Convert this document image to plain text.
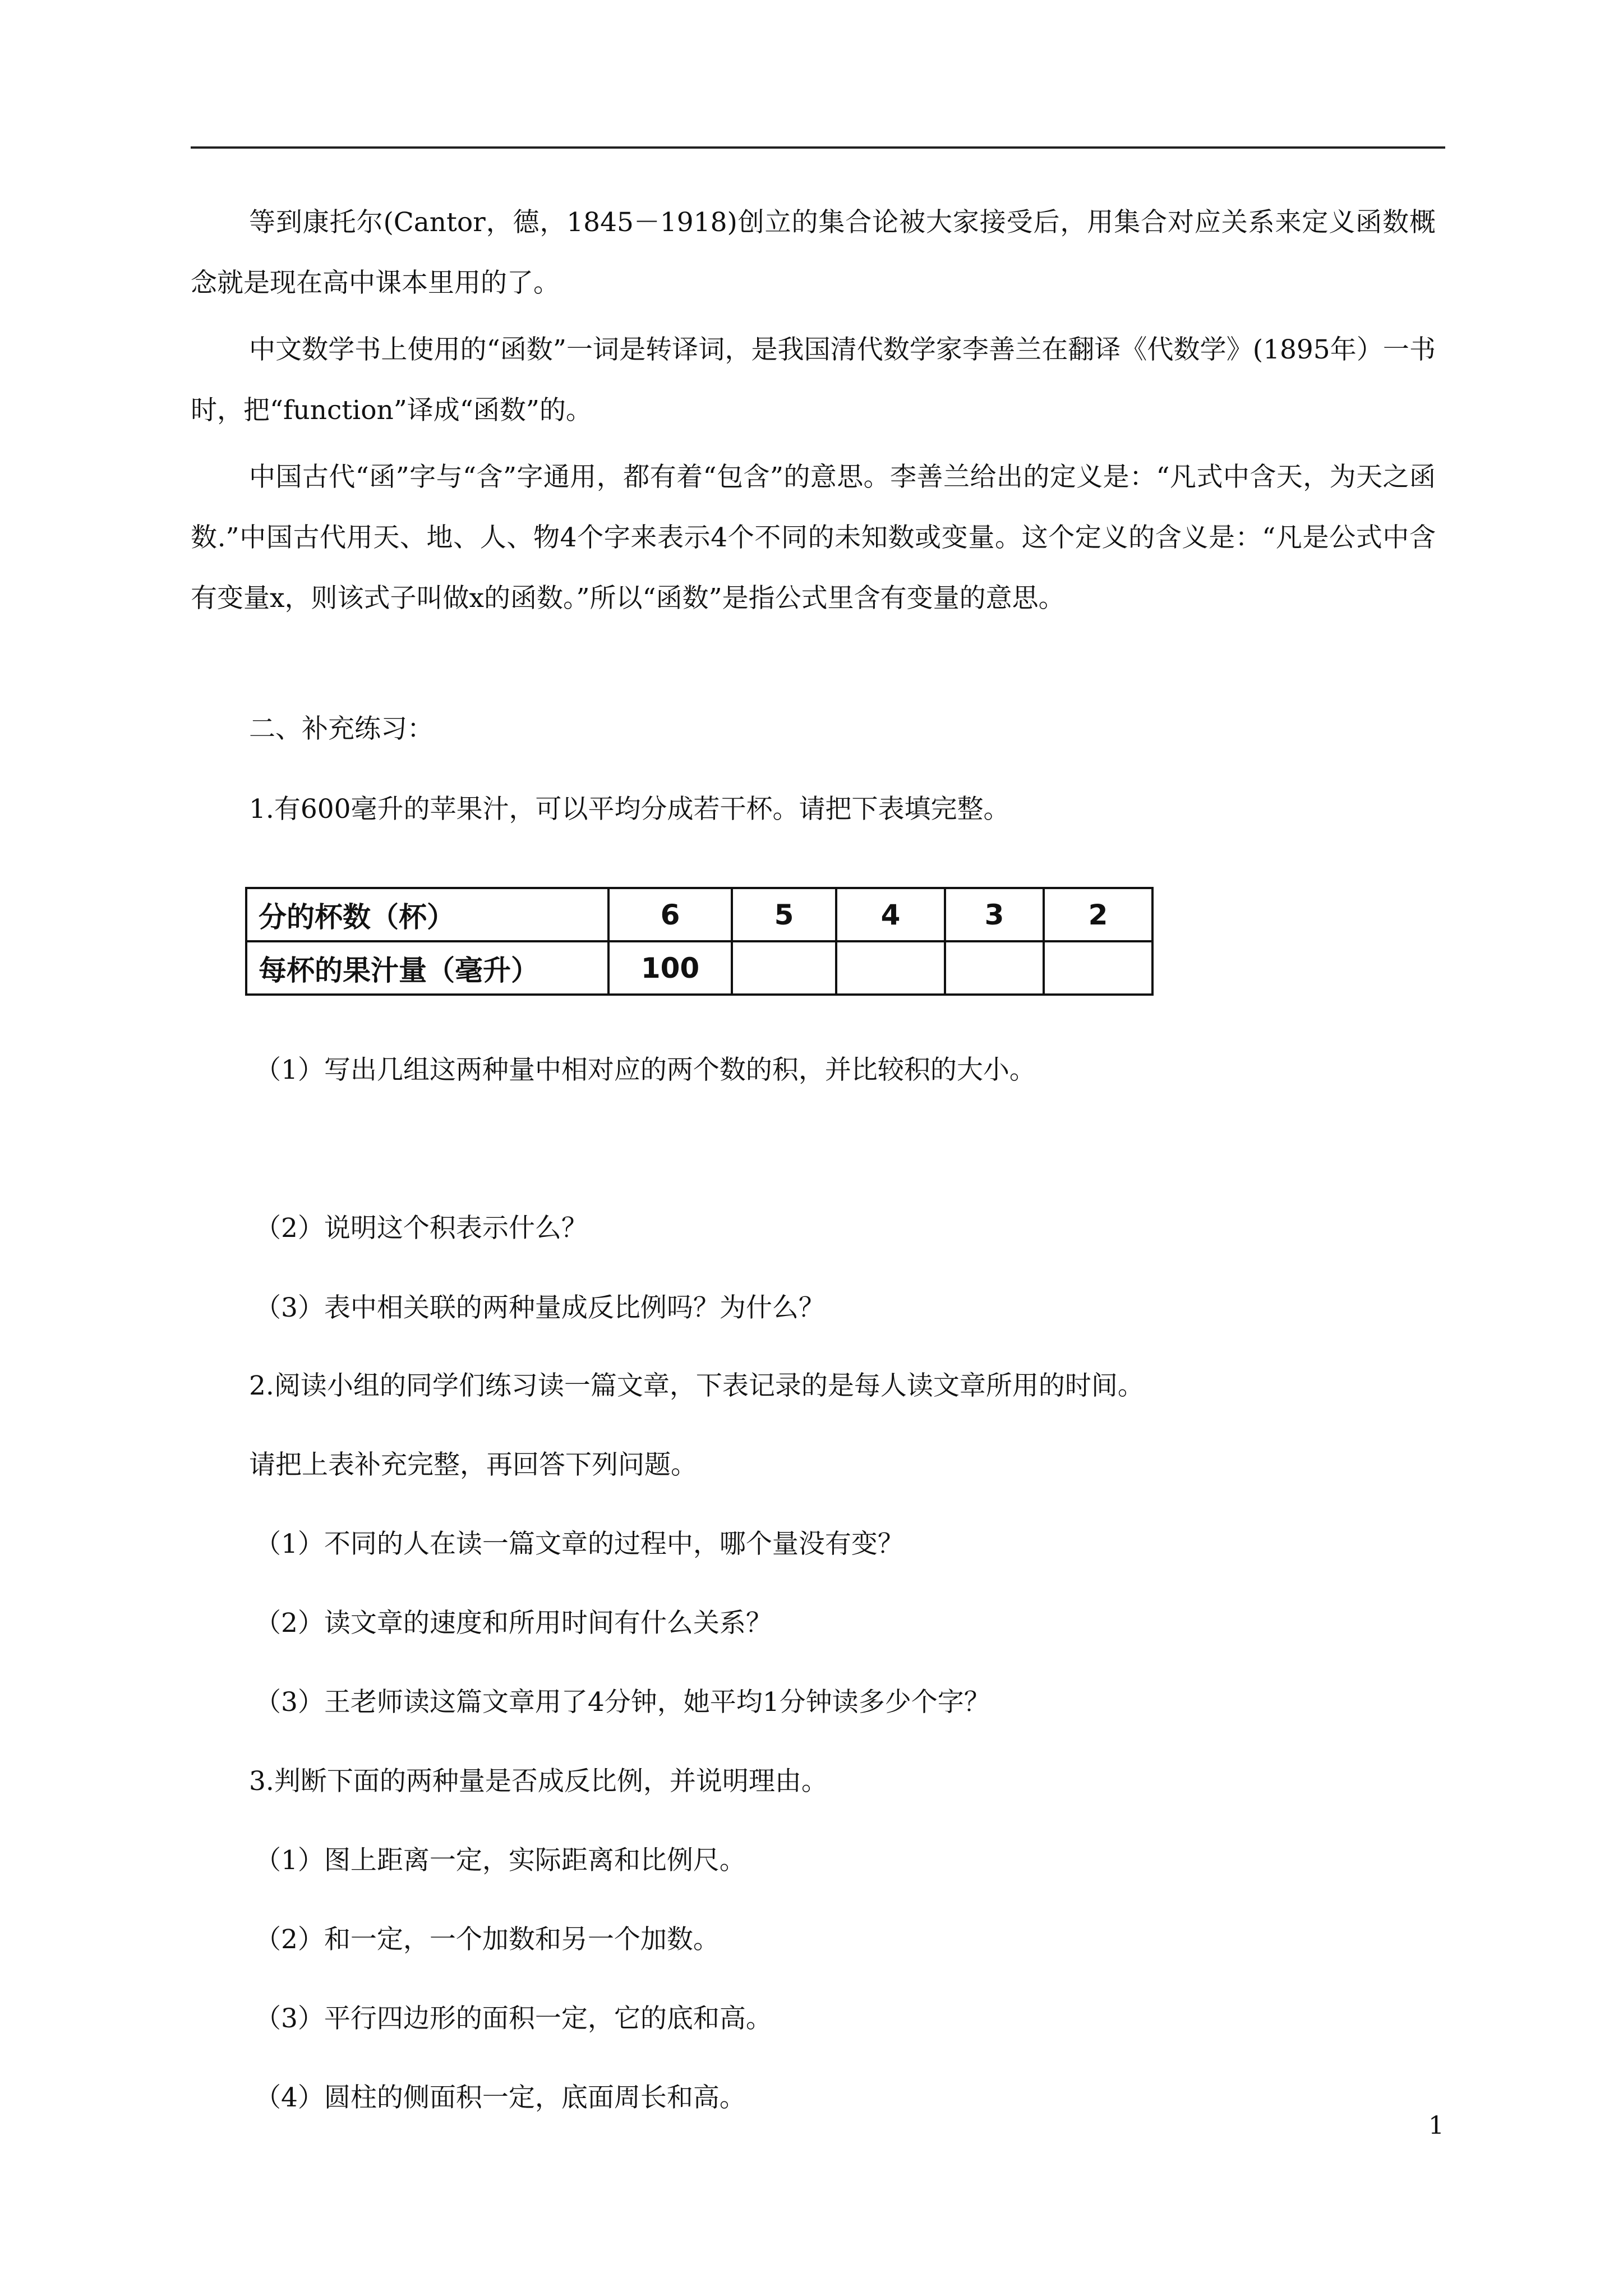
等到康托尔(Cantor，德，1845－1918)创立的集合论被大家接受后，用集合对应关系来定义函数概念就是现在高中课本里用的了。

中文数学书上使用的“函数”一词是转译词，是我国清代数学家李善兰在翻译《代数学》(1895年）一书时，把“function”译成“函数”的。

中国古代“函”字与“含”字通用，都有着“包含”的意思。李善兰给出的定义是：“凡式中含天，为天之函数.”中国古代用天、地、人、物4个字来表示4个不同的未知数或变量。这个定义的含义是：“凡是公式中含有变量x，则该式子叫做x的函数。”所以“函数”是指公式里含有变量的意思。

二、补充练习：
1.有600毫升的苹果汁，可以平均分成若干杯。请把下表填完整。
分的杯数（杯）	6	5	4	3	2
每杯的果汁量（毫升）	100				
（1）写出几组这两种量中相对应的两个数的积，并比较积的大小。
（2）说明这个积表示什么？
（3）表中相关联的两种量成反比例吗？为什么？
2.阅读小组的同学们练习读一篇文章，下表记录的是每人读文章所用的时间。
请把上表补充完整，再回答下列问题。
（1）不同的人在读一篇文章的过程中，哪个量没有变？
（2）读文章的速度和所用时间有什么关系？
（3）王老师读这篇文章用了4分钟，她平均1分钟读多少个字？
3.判断下面的两种量是否成反比例，并说明理由。
（1）图上距离一定，实际距离和比例尺。
（2）和一定，一个加数和另一个加数。
（3）平行四边形的面积一定，它的底和高。
（4）圆柱的侧面积一定，底面周长和高。
1
